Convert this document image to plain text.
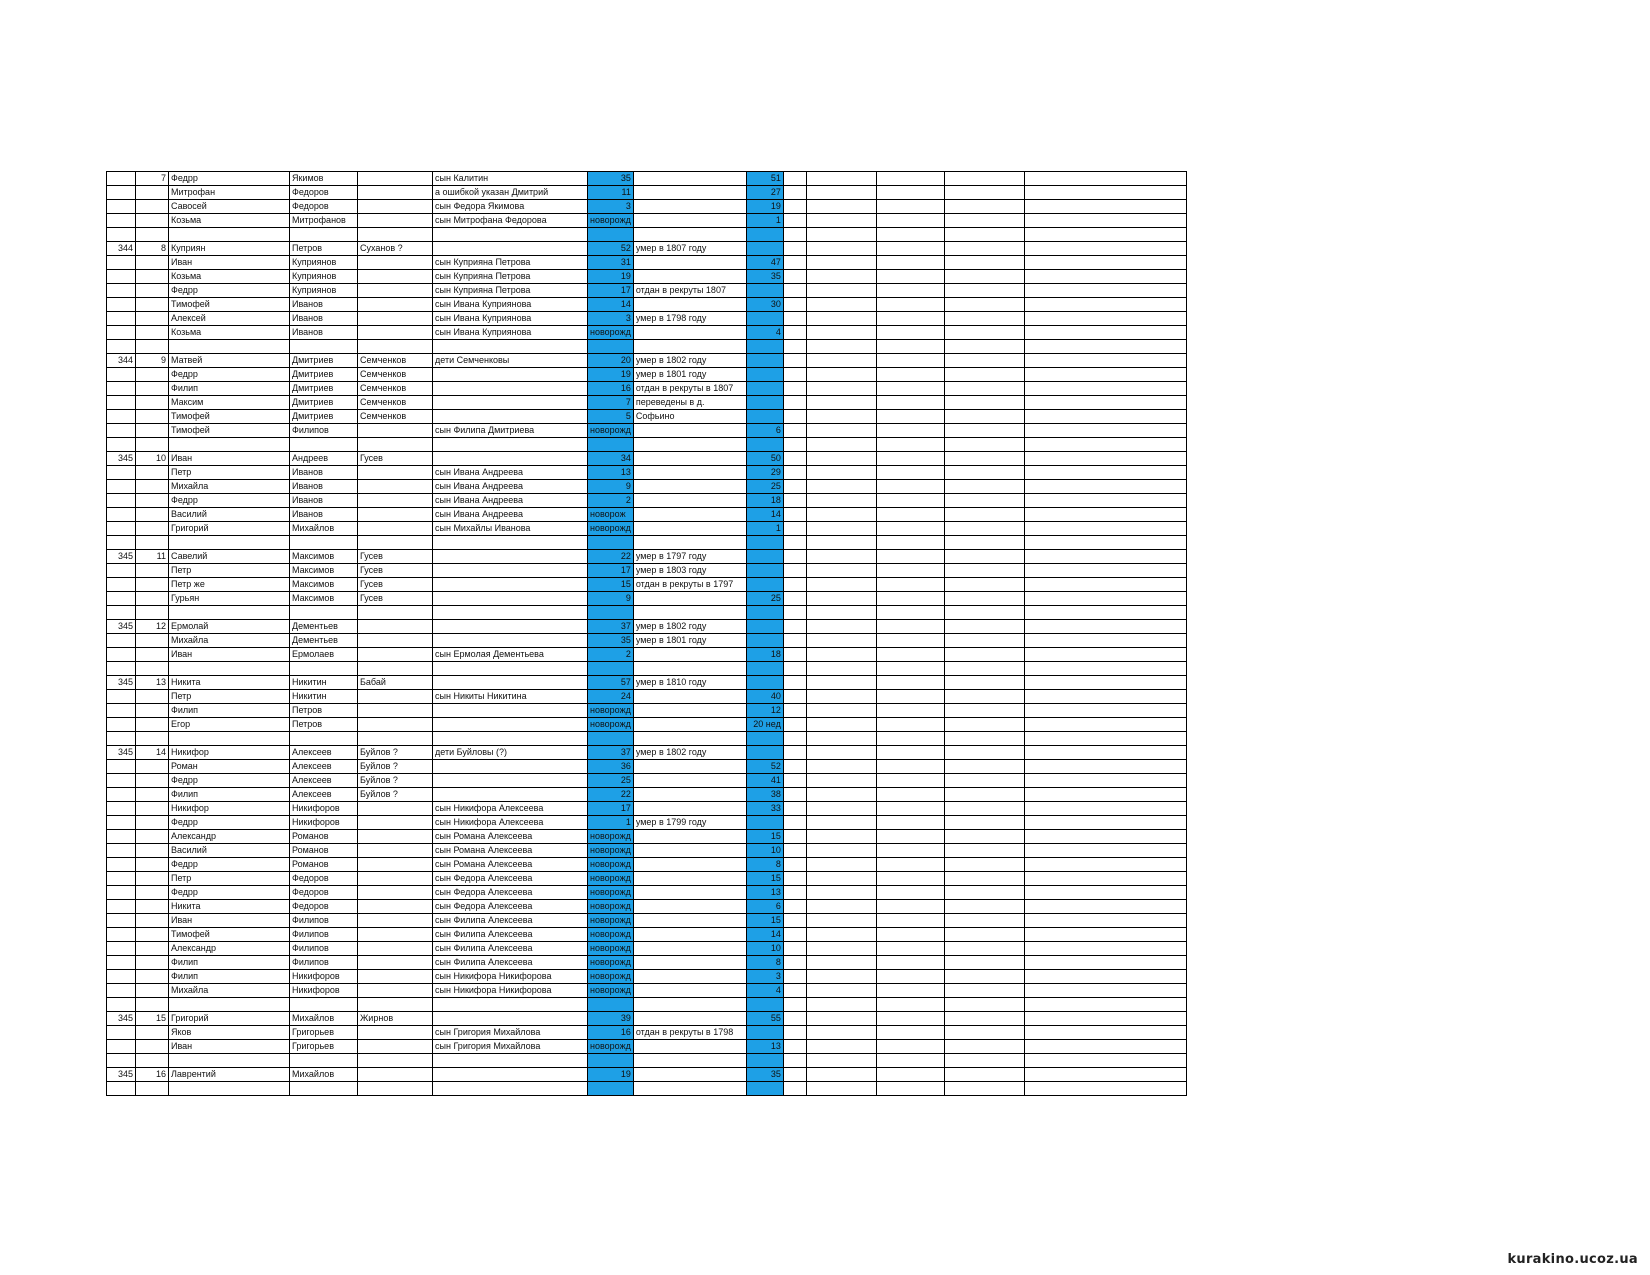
	7	Федрр	Якимов		сын Калитин	35		51					
		Митрофан	Федоров		а ошибкой указан Дмитрий	11		27					
		Савосей	Федоров		сын Федора Якимова	3		19					
		Козьма	Митрофанов		сын Митрофана Федорова	новорожд		1					

344	8	Куприян	Петров	Суханов ?		52	умер в 1807 году						
		Иван	Куприянов		сын Куприяна Петрова	31		47					
		Козьма	Куприянов		сын Куприяна Петрова	19		35					
		Федрр	Куприянов		сын Куприяна Петрова	17	отдан в рекруты 1807						
		Тимофей	Иванов		сын Ивана Куприянова	14		30					
		Алексей	Иванов		сын Ивана Куприянова	3	умер в 1798 году						
		Козьма	Иванов		сын Ивана Куприянова	новорожд		4					

344	9	Матвей	Дмитриев	Семченков	дети Семченковы	20	умер в 1802 году						
		Федрр	Дмитриев	Семченков		19	умер в 1801 году						
		Филип	Дмитриев	Семченков		16	отдан в рекруты в 1807						
		Максим	Дмитриев	Семченков		7	переведены в д.						
		Тимофей	Дмитриев	Семченков		5	Софьино						
		Тимофей	Филипов		сын Филипа Дмитриева	новорожд		6					

345	10	Иван	Андреев	Гусев		34		50					
		Петр	Иванов		сын Ивана Андреева	13		29					
		Михайла	Иванов		сын Ивана Андреева	9		25					
		Федрр	Иванов		сын Ивана Андреева	2		18					
		Василий	Иванов		сын Ивана Андреева	новорож		14					
		Григорий	Михайлов		сын Михайлы Иванова	новорожд		1					

345	11	Савелий	Максимов	Гусев		22	умер в 1797 году						
		Петр	Максимов	Гусев		17	умер в 1803 году						
		Петр же	Максимов	Гусев		15	отдан в рекруты в 1797						
		Гурьян	Максимов	Гусев		9		25					

345	12	Ермолай	Дементьев			37	умер в 1802 году						
		Михайла	Дементьев			35	умер в 1801 году						
		Иван	Ермолаев		сын Ермолая Дементьева	2		18					

345	13	Никита	Никитин	Бабай		57	умер в 1810 году						
		Петр	Никитин		сын Никиты Никитина	24		40					
		Филип	Петров			новорожд		12					
		Егор	Петров			новорожд		20 нед					

345	14	Никифор	Алексеев	Буйлов ?	дети Буйловы (?)	37	умер в 1802 году						
		Роман	Алексеев	Буйлов ?		36		52					
		Федрр	Алексеев	Буйлов ?		25		41					
		Филип	Алексеев	Буйлов ?		22		38					
		Никифор	Никифоров		сын Никифора Алексеева	17		33					
		Федрр	Никифоров		сын Никифора Алексеева	1	умер в 1799 году						
		Александр	Романов		сын Романа Алексеева	новорожд		15					
		Василий	Романов		сын Романа Алексеева	новорожд		10					
		Федрр	Романов		сын Романа Алексеева	новорожд		8					
		Петр	Федоров		сын Федора Алексеева	новорожд		15					
		Федрр	Федоров		сын Федора Алексеева	новорожд		13					
		Никита	Федоров		сын Федора Алексеева	новорожд		6					
		Иван	Филипов		сын Филипа Алексеева	новорожд		15					
		Тимофей	Филипов		сын Филипа Алексеева	новорожд		14					
		Александр	Филипов		сын Филипа Алексеева	новорожд		10					
		Филип	Филипов		сын Филипа Алексеева	новорожд		8					
		Филип	Никифоров		сын Никифора Никифорова	новорожд		3					
		Михайла	Никифоров		сын Никифора Никифорова	новорожд		4					

345	15	Григорий	Михайлов	Жирнов		39		55					
		Яков	Григорьев		сын Григория Михайлова	16	отдан в рекруты в 1798						
		Иван	Григорьев		сын Григория Михайлова	новорожд		13					

345	16	Лаврентий	Михайлов			19		35					

kurakino.ucoz.ua
